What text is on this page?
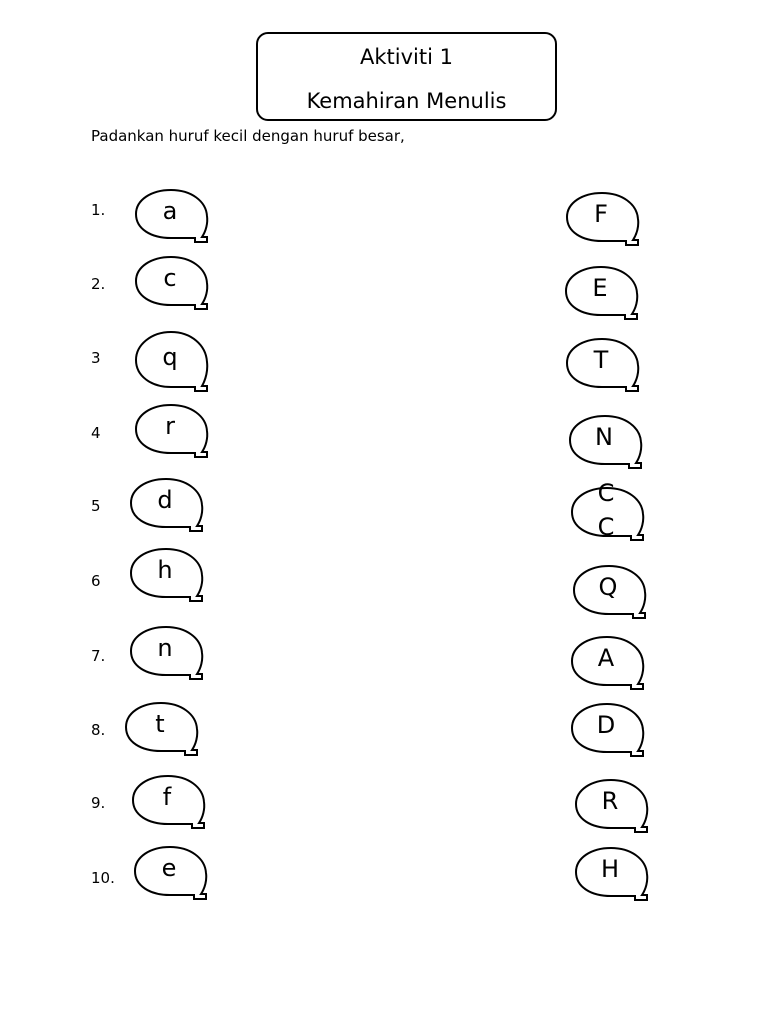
Aktiviti 1
Kemahiran Menulis
Padankan huruf kecil dengan huruf besar,
1.
2.
3
4
5
6
7.
8.
9.
10.
a
c
q
r
d
h
n
t
f
e
F
E
T
N
C
C
Q
A
D
R
H
